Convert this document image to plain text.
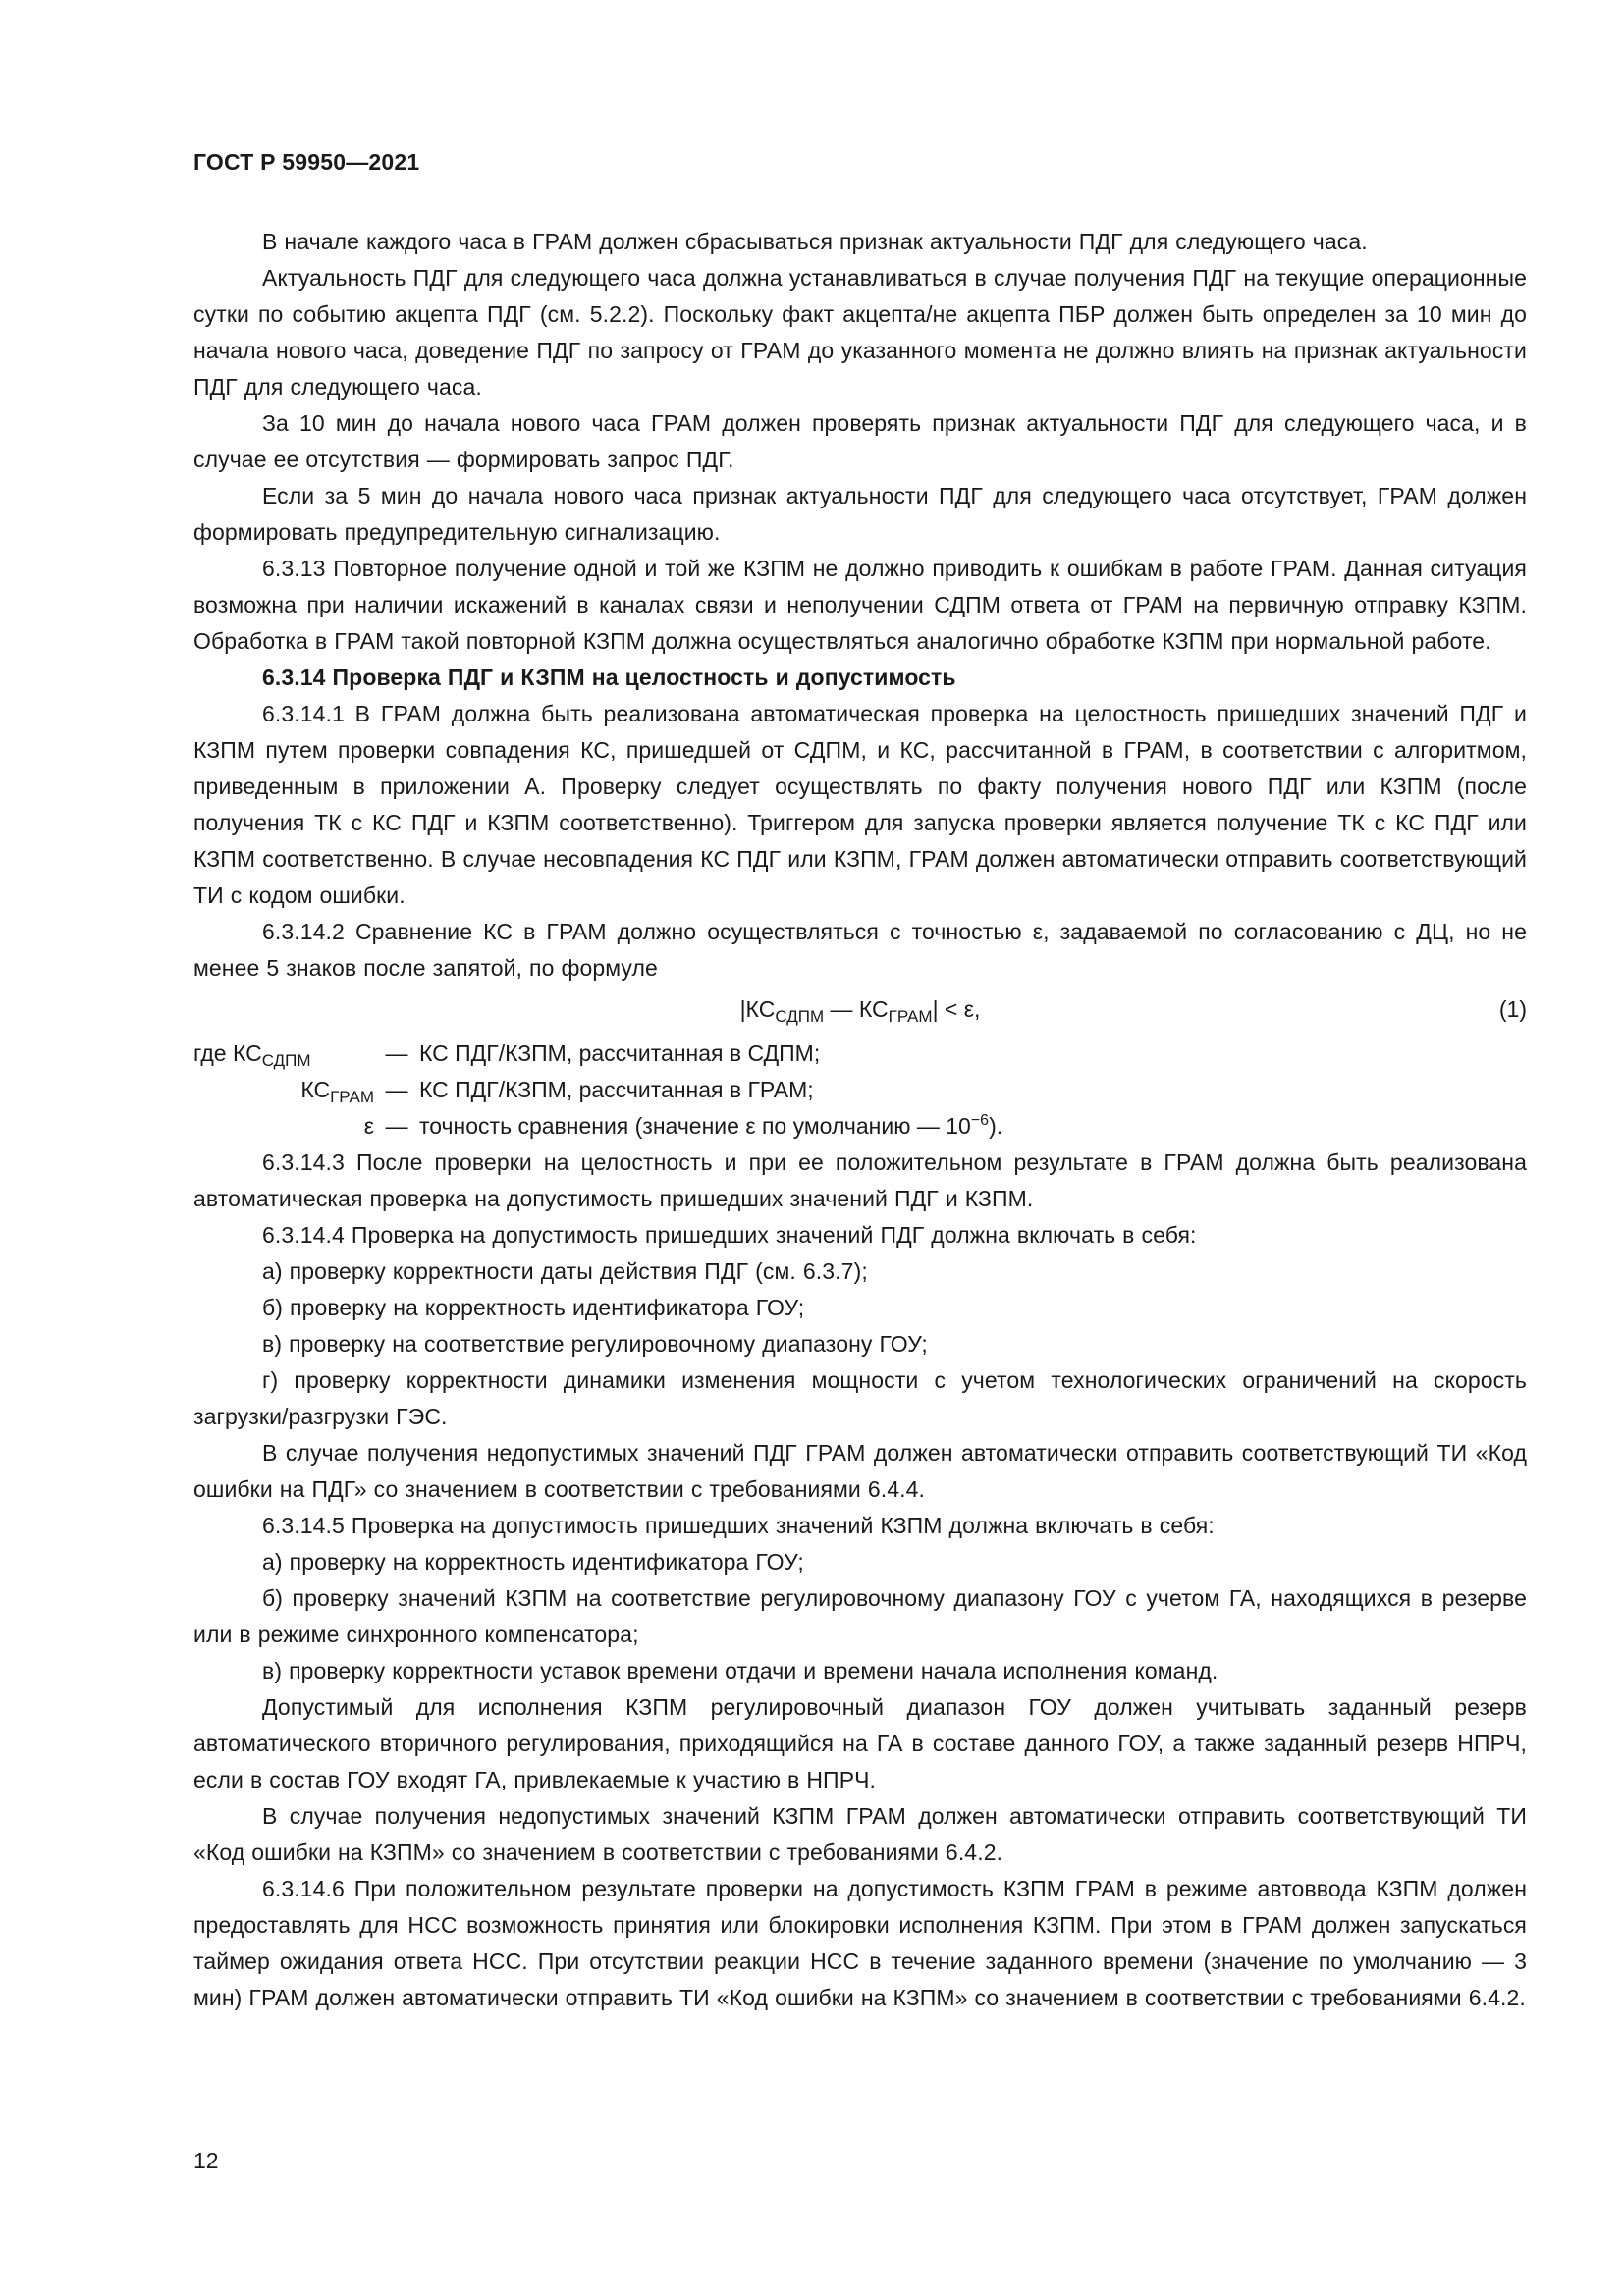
ГОСТ Р 59950—2021

В начале каждого часа в ГРАМ должен сбрасываться признак актуальности ПДГ для следующего часа.

Актуальность ПДГ для следующего часа должна устанавливаться в случае получения ПДГ на текущие операционные сутки по событию акцепта ПДГ (см. 5.2.2). Поскольку факт акцепта/не акцепта ПБР должен быть определен за 10 мин до начала нового часа, доведение ПДГ по запросу от ГРАМ до указанного момента не должно влиять на признак актуальности ПДГ для следующего часа.

За 10 мин до начала нового часа ГРАМ должен проверять признак актуальности ПДГ для следующего часа, и в случае ее отсутствия — формировать запрос ПДГ.

Если за 5 мин до начала нового часа признак актуальности ПДГ для следующего часа отсутствует, ГРАМ должен формировать предупредительную сигнализацию.

6.3.13 Повторное получение одной и той же КЗПМ не должно приводить к ошибкам в работе ГРАМ. Данная ситуация возможна при наличии искажений в каналах связи и неполучении СДПМ ответа от ГРАМ на первичную отправку КЗПМ. Обработка в ГРАМ такой повторной КЗПМ должна осуществляться аналогично обработке КЗПМ при нормальной работе.

6.3.14 Проверка ПДГ и КЗПМ на целостность и допустимость

6.3.14.1 В ГРАМ должна быть реализована автоматическая проверка на целостность пришедших значений ПДГ и КЗПМ путем проверки совпадения КС, пришедшей от СДПМ, и КС, рассчитанной в ГРАМ, в соответствии с алгоритмом, приведенным в приложении А. Проверку следует осуществлять по факту получения нового ПДГ или КЗПМ (после получения ТК с КС ПДГ и КЗПМ соответственно). Триггером для запуска проверки является получение ТК с КС ПДГ или КЗПМ соответственно. В случае несовпадения КС ПДГ или КЗПМ, ГРАМ должен автоматически отправить соответствующий ТИ с кодом ошибки.

6.3.14.2 Сравнение КС в ГРАМ должно осуществляться с точностью ε, задаваемой по согласованию с ДЦ, но не менее 5 знаков после запятой, по формуле

$|КС_{СДПМ}$ — $КС_{ГРАМ}| < \varepsilon$,	(1)
где $КС_{СДПМ}$	— КС ПДГ/КЗПМ, рассчитанная в СДПМ;
$КС_{ГРАМ}$ — КС ПДГ/КЗПМ, рассчитанная в ГРАМ;
ε — точность сравнения (значение ε по умолчанию — $10^{-6}$).

6.3.14.3 После проверки на целостность и при ее положительном результате в ГРАМ должна быть реализована автоматическая проверка на допустимость пришедших значений ПДГ и КЗПМ.

6.3.14.4 Проверка на допустимость пришедших значений ПДГ должна включать в себя:

а) проверку корректности даты действия ПДГ (см. 6.3.7);

б) проверку на корректность идентификатора ГОУ;

в) проверку на соответствие регулировочному диапазону ГОУ;

г) проверку корректности динамики изменения мощности с учетом технологических ограничений на скорость загрузки/разгрузки ГЭС.

В случае получения недопустимых значений ПДГ ГРАМ должен автоматически отправить соответствующий ТИ «Код ошибки на ПДГ» со значением в соответствии с требованиями 6.4.4.

6.3.14.5 Проверка на допустимость пришедших значений КЗПМ должна включать в себя:

а) проверку на корректность идентификатора ГОУ;

б) проверку значений КЗПМ на соответствие регулировочному диапазону ГОУ с учетом ГА, находящихся в резерве или в режиме синхронного компенсатора;

в) проверку корректности уставок времени отдачи и времени начала исполнения команд.

Допустимый для исполнения КЗПМ регулировочный диапазон ГОУ должен учитывать заданный резерв автоматического вторичного регулирования, приходящийся на ГА в составе данного ГОУ, а также заданный резерв НПРЧ, если в состав ГОУ входят ГА, привлекаемые к участию в НПРЧ.

В случае получения недопустимых значений КЗПМ ГРАМ должен автоматически отправить соответствующий ТИ «Код ошибки на КЗПМ» со значением в соответствии с требованиями 6.4.2.

6.3.14.6 При положительном результате проверки на допустимость КЗПМ ГРАМ в режиме автоввода КЗПМ должен предоставлять для НСС возможность принятия или блокировки исполнения КЗПМ. При этом в ГРАМ должен запускаться таймер ожидания ответа НСС. При отсутствии реакции НСС в течение заданного времени (значение по умолчанию — 3 мин) ГРАМ должен автоматически отправить ТИ «Код ошибки на КЗПМ» со значением в соответствии с требованиями 6.4.2.

12
